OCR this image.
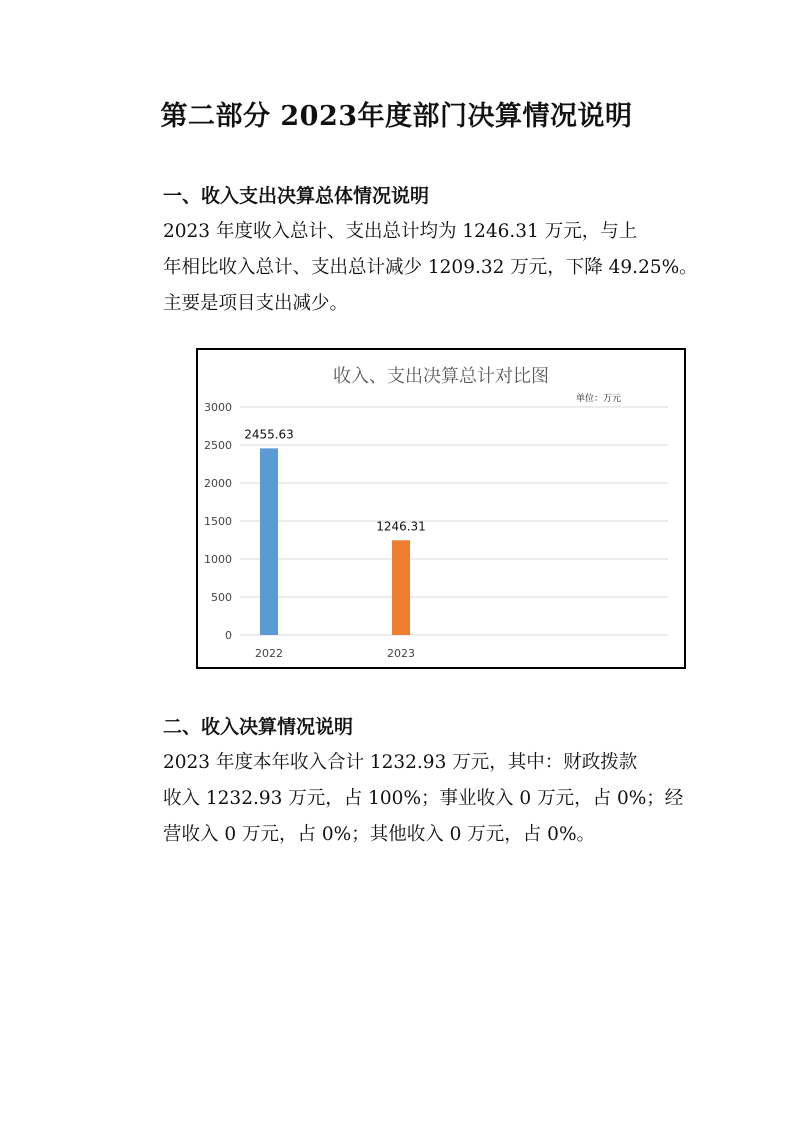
第二部分 2023年度部门决算情况说明
一、收入支出决算总体情况说明

2023 年度收入总计、支出总计均为 1246.31 万元，与上
年相比收入总计、支出总计减少 1209.32 万元，下降 49.25%。
主要是项目支出减少。

收入、支出决算总计对比图
单位：万元
0
500
1000
1500
2000
2500
3000
2455.63
2022
1246.31
2023
二、收入决算情况说明

2023 年度本年收入合计 1232.93 万元，其中：财政拨款
收入 1232.93 万元，占 100%；事业收入 0 万元，占 0%；经
营收入 0 万元，占 0%；其他收入 0 万元，占 0%。
